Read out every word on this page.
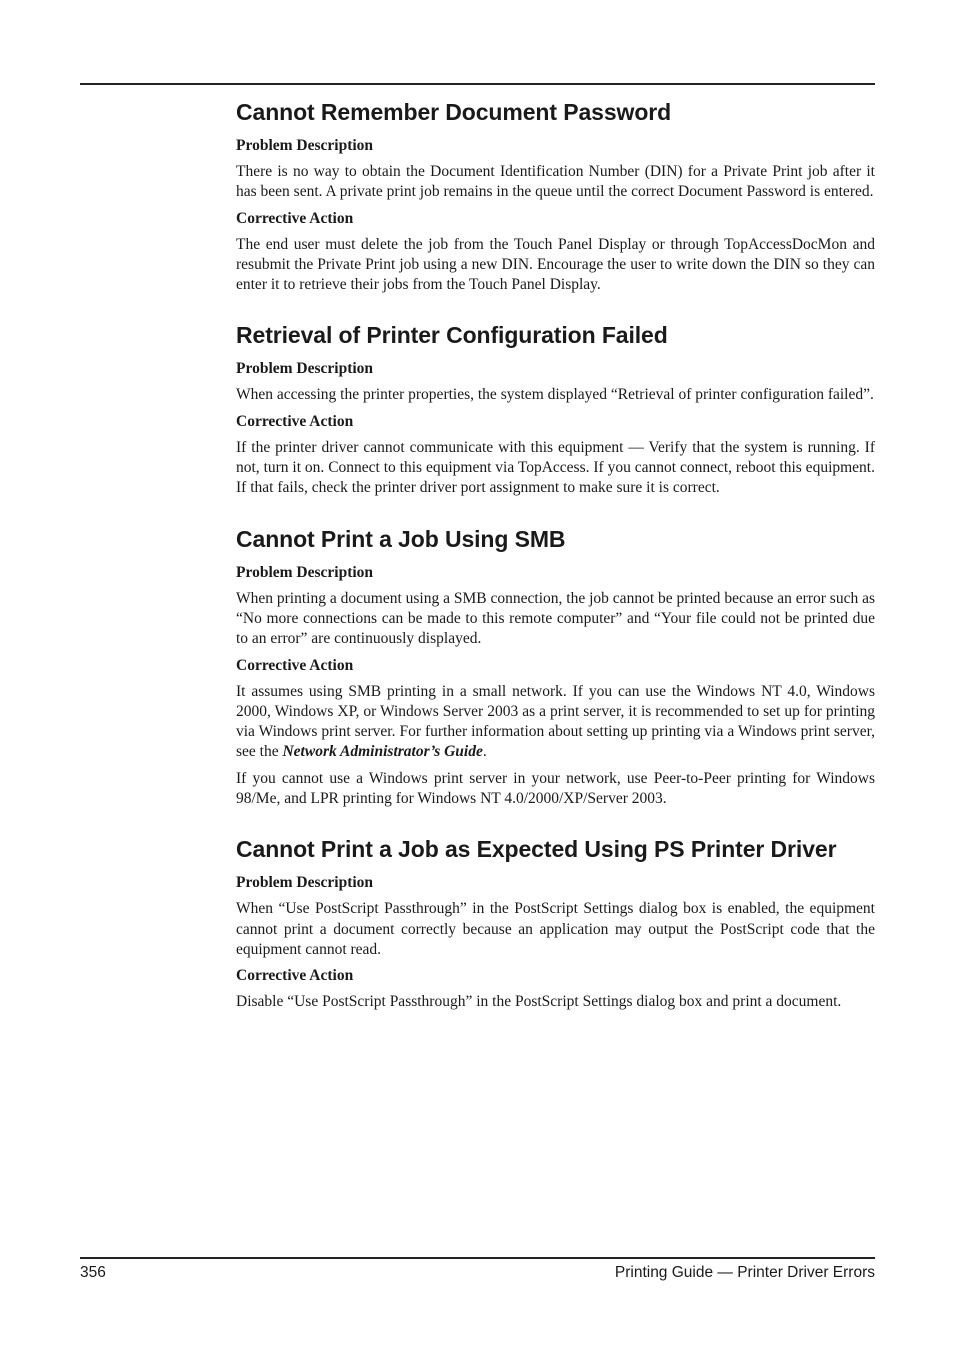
Cannot Remember Document Password
Problem Description

There is no way to obtain the Document Identification Number (DIN) for a Private Print job after it has been sent. A private print job remains in the queue until the correct Document Password is entered.

Corrective Action

The end user must delete the job from the Touch Panel Display or through TopAccessDocMon and resubmit the Private Print job using a new DIN. Encourage the user to write down the DIN so they can enter it to retrieve their jobs from the Touch Panel Display.

Retrieval of Printer Configuration Failed
Problem Description

When accessing the printer properties, the system displayed “Retrieval of printer configuration failed”.

Corrective Action

If the printer driver cannot communicate with this equipment — Verify that the system is running. If not, turn it on. Connect to this equipment via TopAccess. If you cannot connect, reboot this equipment. If that fails, check the printer driver port assignment to make sure it is correct.

Cannot Print a Job Using SMB
Problem Description

When printing a document using a SMB connection, the job cannot be printed because an error such as “No more connections can be made to this remote computer” and “Your file could not be printed due to an error” are continuously displayed.

Corrective Action

It assumes using SMB printing in a small network. If you can use the Windows NT 4.0, Windows 2000, Windows XP, or Windows Server 2003 as a print server, it is recommended to set up for printing via Windows print server. For further information about setting up printing via a Windows print server, see the Network Administrator’s Guide.

If you cannot use a Windows print server in your network, use Peer-to-Peer printing for Windows 98/Me, and LPR printing for Windows NT 4.0/2000/XP/Server 2003.

Cannot Print a Job as Expected Using PS Printer Driver
Problem Description

When “Use PostScript Passthrough” in the PostScript Settings dialog box is enabled, the equipment cannot print a document correctly because an application may output the PostScript code that the equipment cannot read.

Corrective Action

Disable “Use PostScript Passthrough” in the PostScript Settings dialog box and print a document.

356	Printing Guide — Printer Driver Errors
